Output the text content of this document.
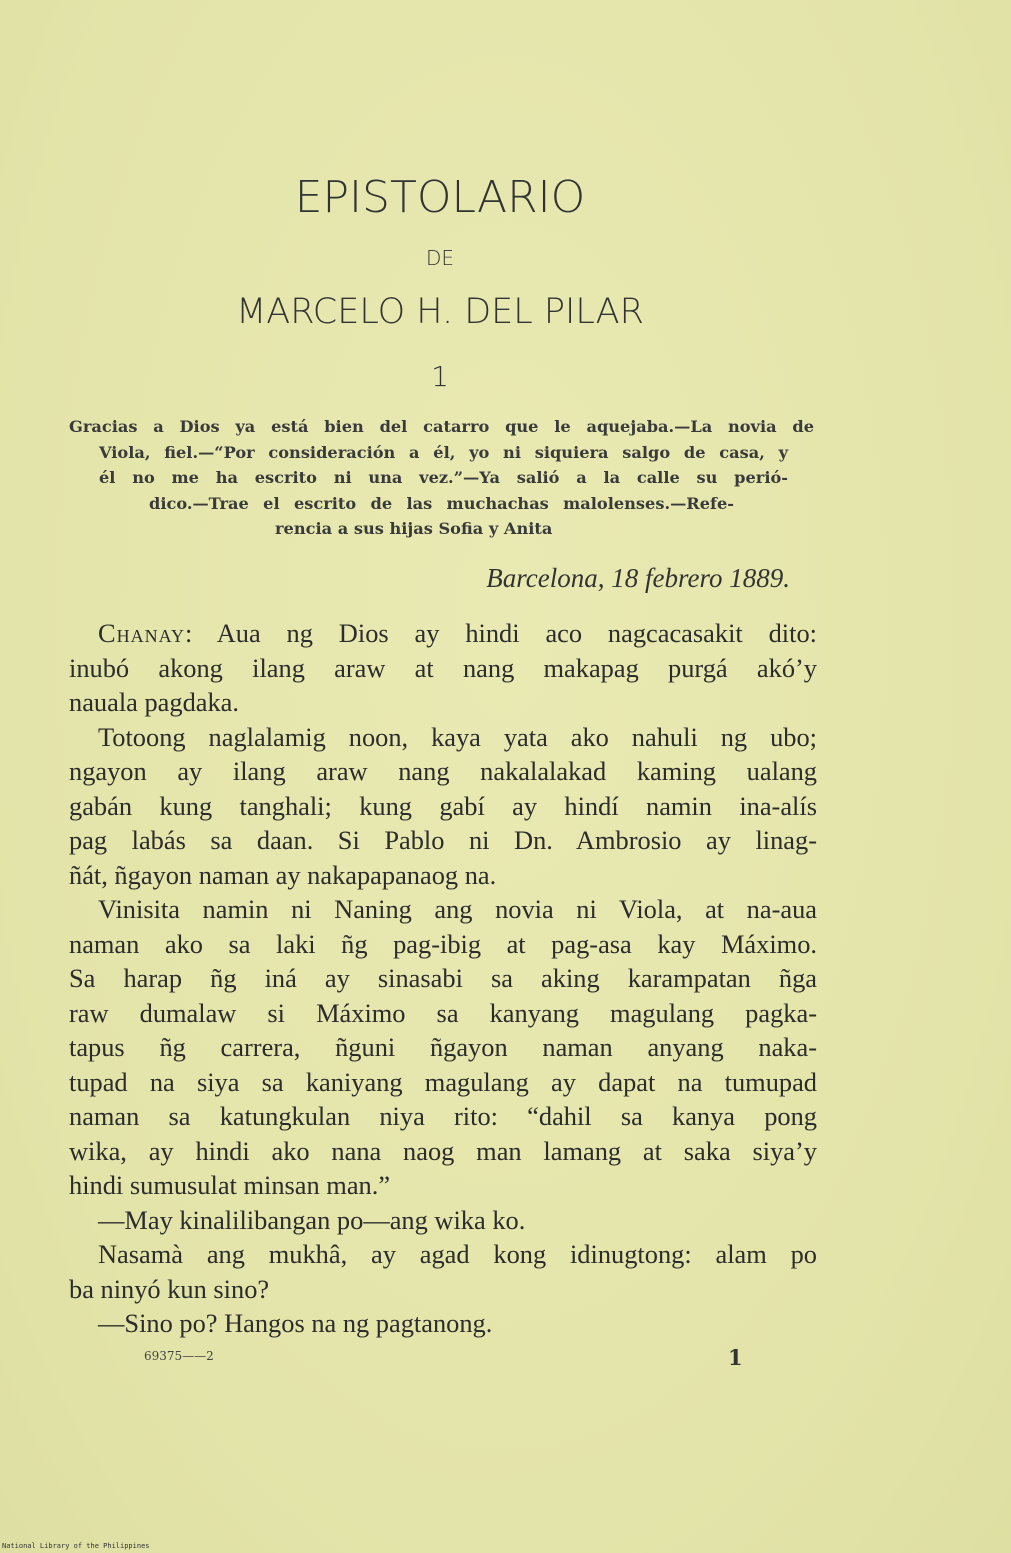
EPISTOLARIO
DE
MARCELO H. DEL PILAR
1
Gracias a Dios ya está bien del catarro que le aquejaba.—La novia de
Viola, fiel.—“Por consideración a él, yo ni siquiera salgo de casa, y
él no me ha escrito ni una vez.”—Ya salió a la calle su perió-
dico.—Trae el escrito de las muchachas malolenses.—Refe-
rencia a sus hijas Sofia y Anita
Barcelona, 18 febrero 1889.
Chanay: Aua ng Dios ay hindi aco nagcacasakit dito:
inubó akong ilang araw at nang makapag purgá akó’y
nauala pagdaka.
Totoong naglalamig noon, kaya yata ako nahuli ng ubo;
ngayon ay ilang araw nang nakalalakad kaming ualang
gabán kung tanghali; kung gabí ay hindí namin ina-alís
pag labás sa daan. Si Pablo ni Dn. Ambrosio ay linag-
ñát, ñgayon naman ay nakapapanaog na.
Vinisita namin ni Naning ang novia ni Viola, at na-aua
naman ako sa laki ñg pag-ibig at pag-asa kay Máximo.
Sa harap ñg iná ay sinasabi sa aking karampatan ñga
raw dumalaw si Máximo sa kanyang magulang pagka-
tapus ñg carrera, ñguni ñgayon naman anyang naka-
tupad na siya sa kaniyang magulang ay dapat na tumupad
naman sa katungkulan niya rito: “dahil sa kanya pong
wika, ay hindi ako nana naog man lamang at saka siya’y
hindi sumusulat minsan man.”
—May kinalilibangan po—ang wika ko.
Nasamà ang mukhâ, ay agad kong idinugtong: alam po
ba ninyó kun sino?
—Sino po? Hangos na ng pagtanong.
69375——2	1
National Library of the Philippines
